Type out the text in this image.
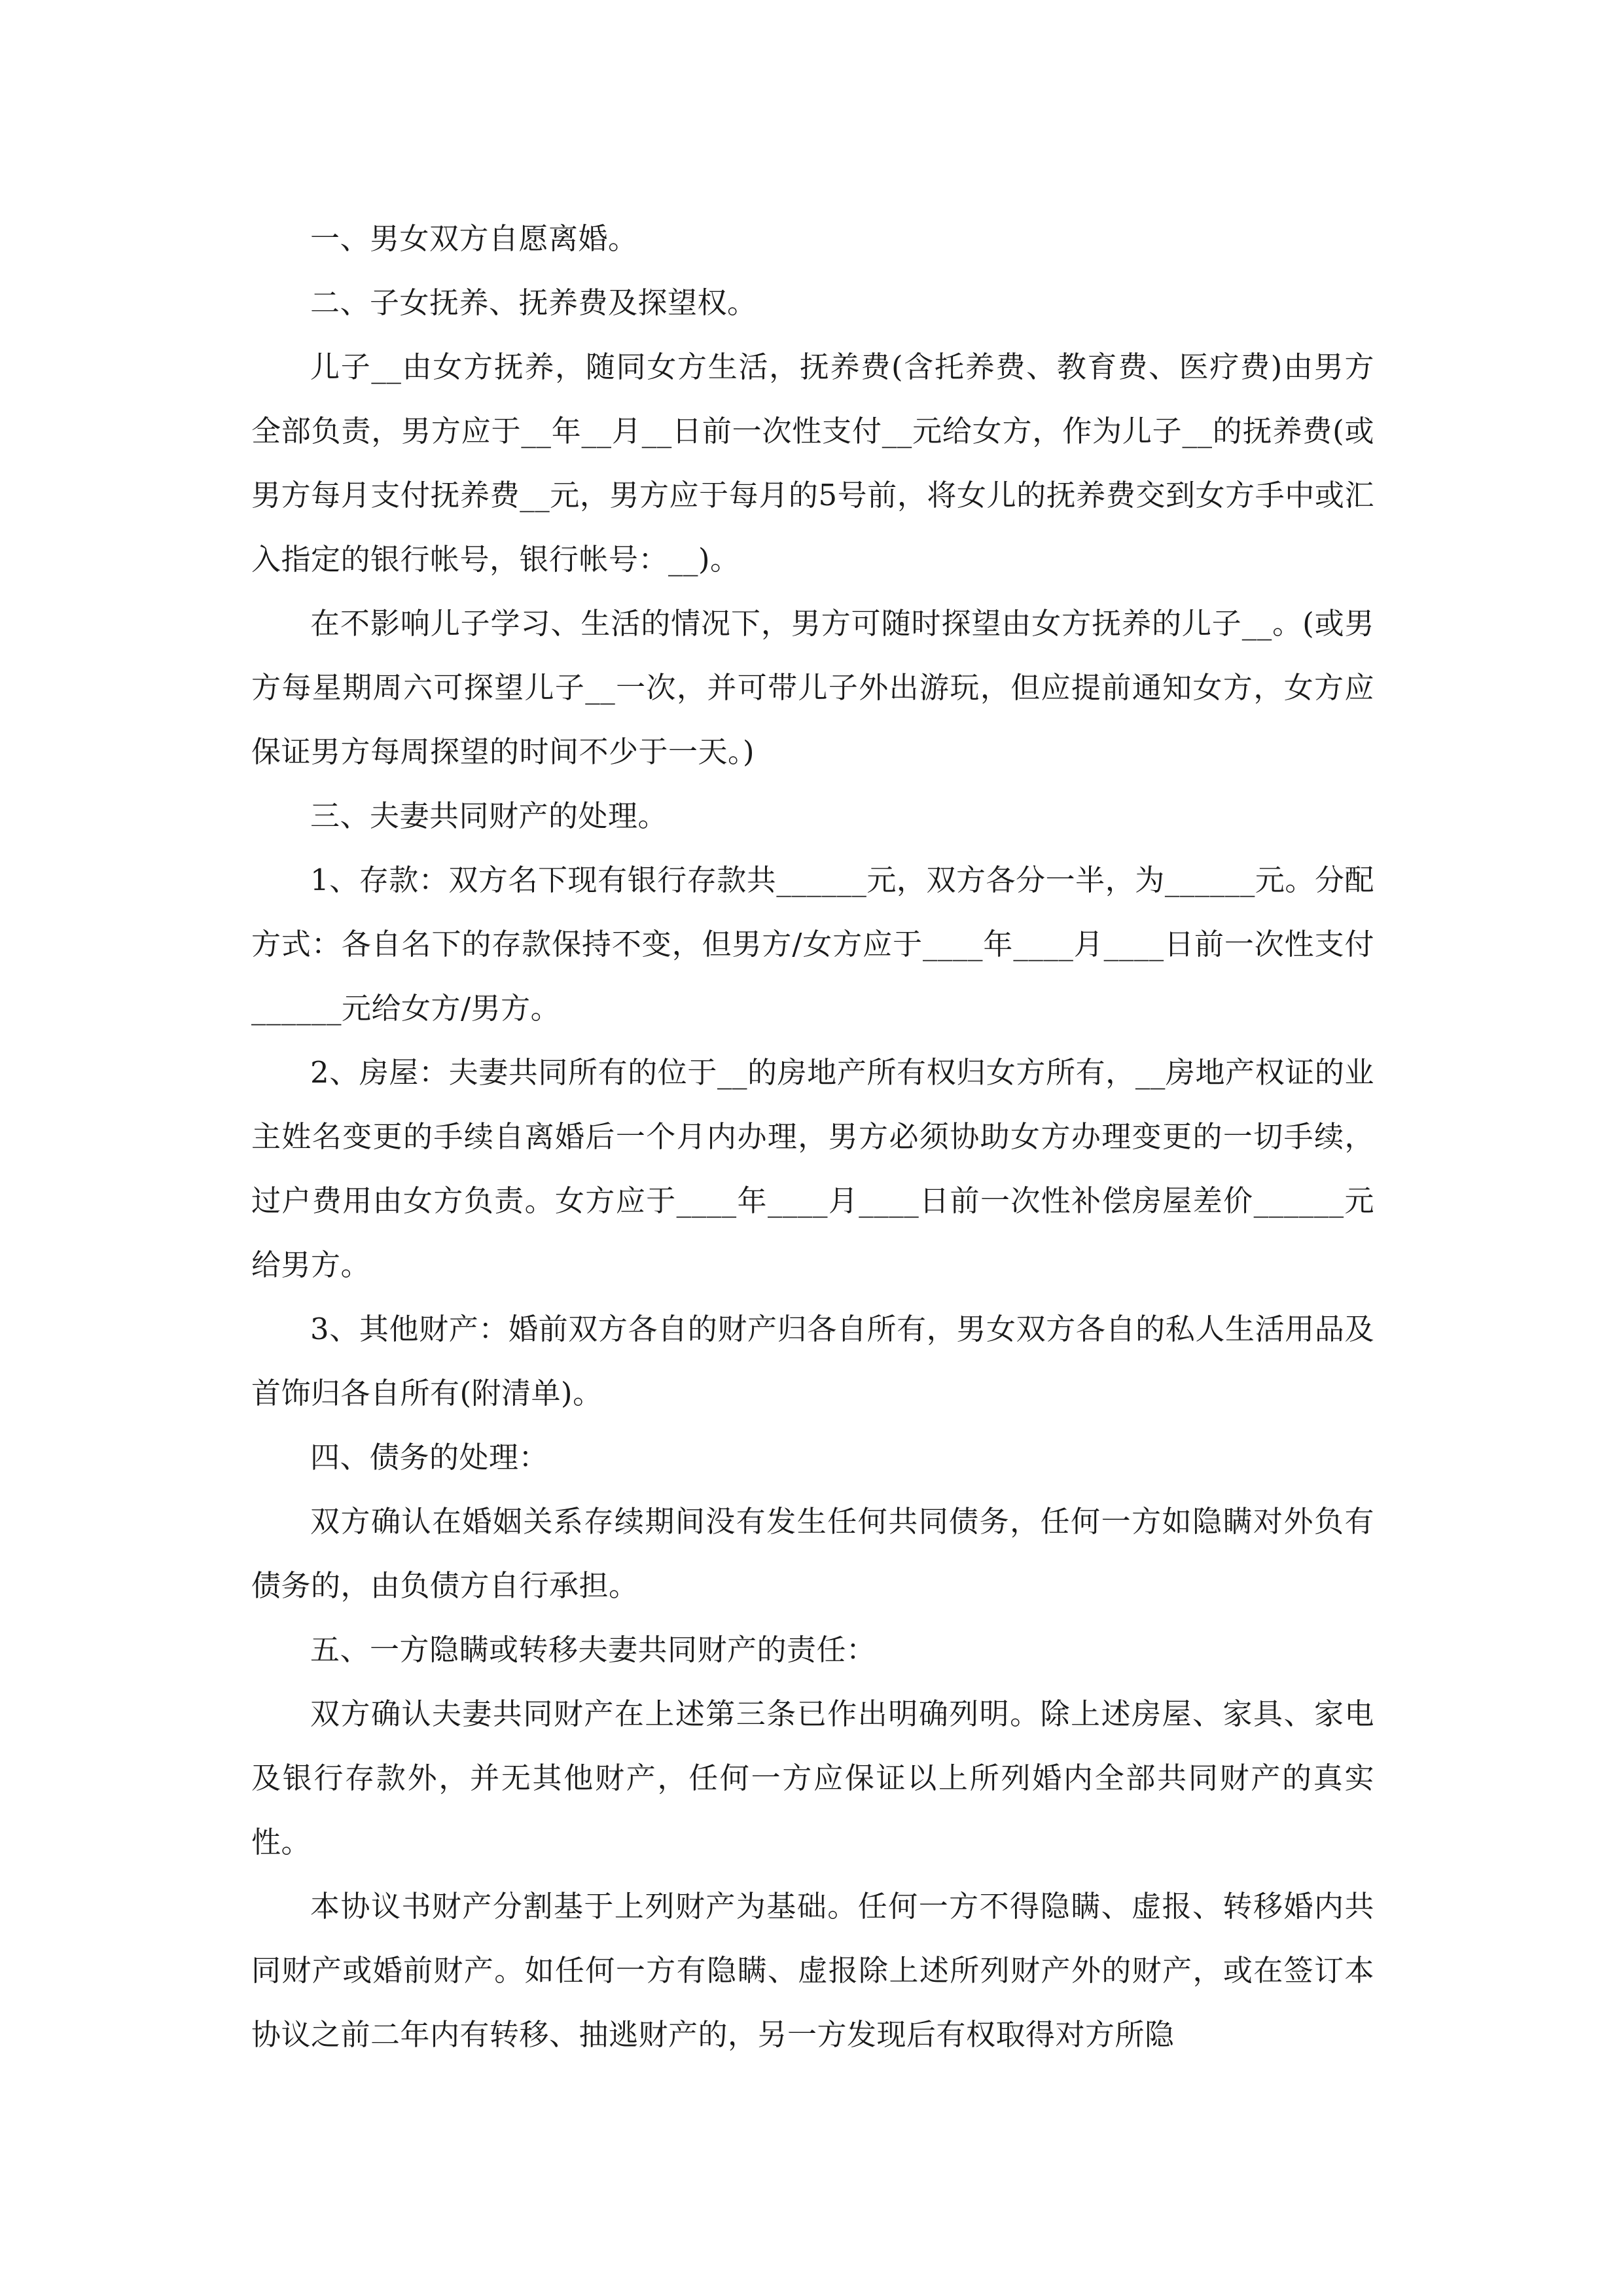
一、男女双方自愿离婚。

二、子女抚养、抚养费及探望权。

儿子__由女方抚养，随同女方生活，抚养费(含托养费、教育费、医疗费)由男方全部负责，男方应于__年__月__日前一次性支付__元给女方，作为儿子__的抚养费(或男方每月支付抚养费__元，男方应于每月的5号前，将女儿的抚养费交到女方手中或汇入指定的银行帐号，银行帐号：__)。

在不影响儿子学习、生活的情况下，男方可随时探望由女方抚养的儿子__。(或男方每星期周六可探望儿子__一次，并可带儿子外出游玩，但应提前通知女方，女方应保证男方每周探望的时间不少于一天。)

三、夫妻共同财产的处理。

1、存款：双方名下现有银行存款共______元，双方各分一半，为______元。分配方式：各自名下的存款保持不变，但男方/女方应于____年____月____日前一次性支付______元给女方/男方。

2、房屋：夫妻共同所有的位于__的房地产所有权归女方所有，__房地产权证的业主姓名变更的手续自离婚后一个月内办理，男方必须协助女方办理变更的一切手续，过户费用由女方负责。女方应于____年____月____日前一次性补偿房屋差价______元给男方。

3、其他财产：婚前双方各自的财产归各自所有，男女双方各自的私人生活用品及首饰归各自所有(附清单)。

四、债务的处理：

双方确认在婚姻关系存续期间没有发生任何共同债务，任何一方如隐瞒对外负有债务的，由负债方自行承担。

五、一方隐瞒或转移夫妻共同财产的责任：

双方确认夫妻共同财产在上述第三条已作出明确列明。除上述房屋、家具、家电及银行存款外，并无其他财产，任何一方应保证以上所列婚内全部共同财产的真实性。

本协议书财产分割基于上列财产为基础。任何一方不得隐瞒、虚报、转移婚内共同财产或婚前财产。如任何一方有隐瞒、虚报除上述所列财产外的财产，或在签订本协议之前二年内有转移、抽逃财产的，另一方发现后有权取得对方所隐
